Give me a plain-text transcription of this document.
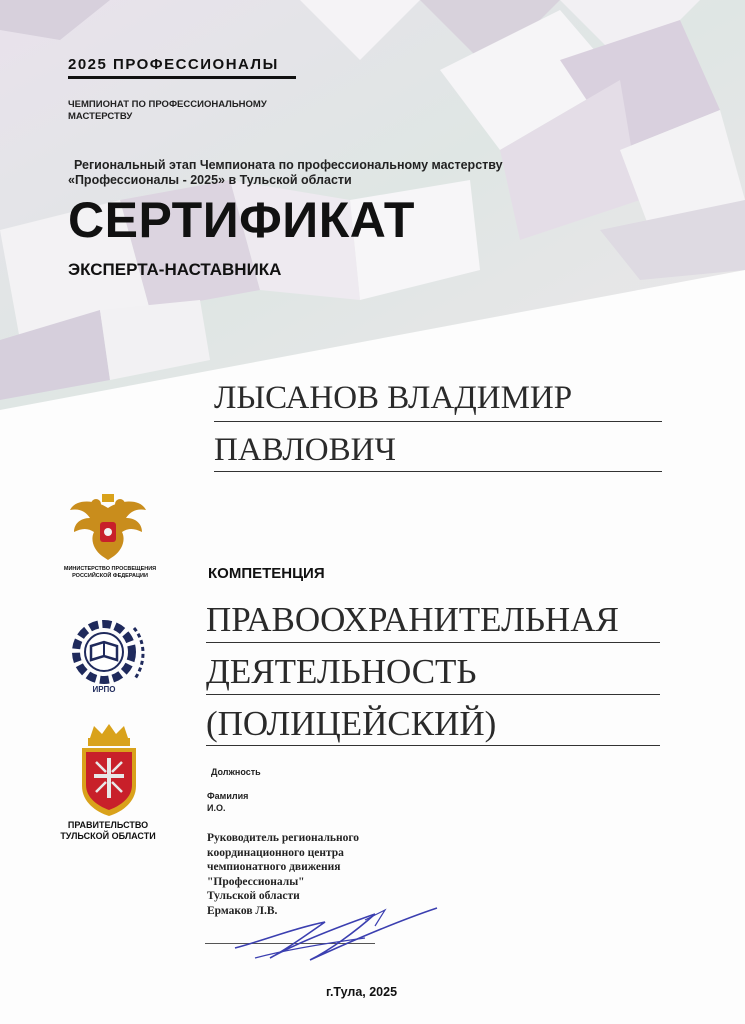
2025 ПРОФЕССИОНАЛЫ
ЧЕМПИОНАТ ПО ПРОФЕССИОНАЛЬНОМУ МАСТЕРСТВУ
Региональный этап Чемпионата по профессиональному мастерству
«Профессионалы - 2025» в Тульской области
СЕРТИФИКАТ
ЭКСПЕРТА-НАСТАВНИКА
ЛЫСАНОВ ВЛАДИМИР
ПАВЛОВИЧ
КОМПЕТЕНЦИЯ
ПРАВООХРАНИТЕЛЬНАЯ
ДЕЯТЕЛЬНОСТЬ
(ПОЛИЦЕЙСКИЙ)
Должность
Фамилия
И.О.
Руководитель регионального
координационного центра
чемпионатного движения
"Профессионалы"
Тульской области
Ермаков Л.В.
г.Тула, 2025
МИНИСТЕРСТВО ПРОСВЕЩЕНИЯ РОССИЙСКОЙ ФЕДЕРАЦИИ
ИРПО
ПРАВИТЕЛЬСТВО
ТУЛЬСКОЙ ОБЛАСТИ
